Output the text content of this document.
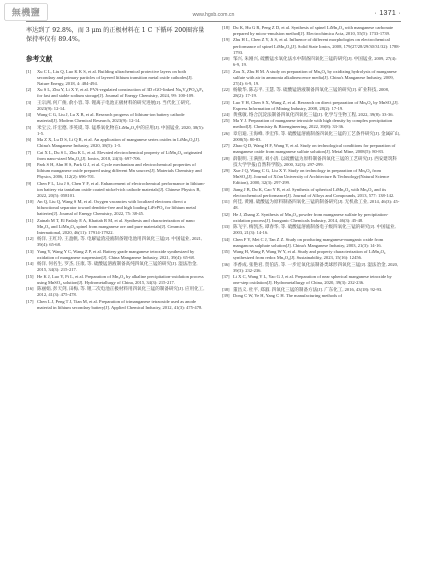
無機鹽	www.hgxb.com.cn	· 1371 ·
率达到了 92.8%，而 3 μm 的正极材料在 1 C 下循环 200圈容量保持率仅有 89.4%。
参考文献
[1] Xu C L, Liu Q, Luo K K S, et al. Building ultrachemical protective layers on both secondary and primary particles of layered lithium transition metal oxide cathodes[J]. Nature Energy, 2018, 4: 484-494.
[2] Xu S L, Zhu Y, Li X Y, et al. PVA-regulated construction of 3D rGO-linked Na₃V₂(PO₄)₂F₃ for fast and stable sodium storage[J]. Journal of Energy Chemistry, 2024, 99: 100-109.
[3] 王宗洲, 何广俊, 俞小容, 等. 锂离子电池正极材料的研究进展[J]. 当代化工研究, 2023(9): 12-14.
[4] Wang C G, Liu J, Lu X B, et al. Research progress of lithium-ion battery cathode material[J]. Modern Chemical Research, 2023(9): 12-14.
[5] 米宝云, 许宏德, 李英谟, 等. 锰系氧化物在LiMn₂O₄中的应用[J]. 中国锰业, 2020, 38(5): 1-5.
[6] Ma Z X, Lu D S, Li Q R, et al. An application of manganese series oxides in LiMn₂O₄[J]. China's Manganese Industry, 2020, 38(5): 1-5.
[7] Cai X L, Du S L, Zhu K L, et al. Elevated electrochemical property of LiMn₂O₄ originated from nano-sized Mn₃O₄[J]. Ionics, 2018, 24(3): 697-706.
[8] Park S H, Ahn H S, Park G J, et al. Cycle mechanism and electrochemical properties of lithium manganese oxide prepared using different Mn sources[J]. Materials Chemistry and Physics, 2006, 112(2): 696-701.
[9] Chen F L, Liu J S, Chen Y F, et al. Enhancement of electrochemical performance in lithium-ion battery via tantalum oxide coated nickel-rich cathode materials[J]. Chinese Physics B, 2022, 20(5): 058101.
[10] An Q, Liu Q, Wang S M, et al. Oxygen vacancies with localized electrons direct a bifunctional separator toward dendrite-free and high loading LiFePO₄ for lithium metal batteries[J]. Journal of Energy Chemistry, 2022, 75: 38-45.
[11] Zainab M T, El Fadaly E A, Khattab R M, et al. Synthesis and characterization of nano Mn₂O₃ and LiMn₂O₄ spinel from manganese ore and pure materials[J]. Ceramics International, 2020, 46(11): 17914-17922.
[12] 杨洋, 王红玲, 王盈帆, 等. 电解锰渣浸液制备锂电池用四氧化三锰[J]. 中国锰业, 2021, 39(4): 65-68.
[13] Yang Y, Wang Y C, Wang Z P, et al. Battery grade manganese tetroxide synthesized by oxidation of manganese suspension[J]. China Manganese Industry, 2021, 39(4): 65-68.
[14] 杨洋, 何名生, 罗杰, 汪康, 等. 硫酸锰溶液制备高纯四氧化三锰的研究[J]. 湿法冶金, 2015, 34(3): 215-217.
[15] He K J, Luo Y, Pi L, et al. Preparation of Mn₃O₄ by alkaline precipitation-oxidation process using MnSO₄ solution[J]. Hydrometallurgy of China, 2015, 34(3): 215-217.
[16] 陈丽娟, 彭天剑, 田梅, 等. 锂二次电池正极材料用四氧化三锰的制备研究[J]. 应用化工, 2012, 41(3): 475-478.
[17] Chen L J, Peng T J, Tian M, et al. Preparation of trimanganese tetraoxide used as anode material in lithium secondary battery[J]. Applied Chemical Industry, 2012, 41(3): 475-478.
[18] Du K, Hu G R, Peng Z D, et al. Synthesis of spinel LiMn₂O₄ with manganese carbonate prepared by micro-emulsion method[J]. Electrochimica Acta, 2010, 55(5): 1733-1739.
[19] Zhu H L, Chen Z Y, Ji S, et al. Influence of different morphologies on electrochemical performance of spinel LiMn₂O₄[J]. Solid State Ionics, 2008, 179(27/28/29/30/31/32): 1788-1793.
[20] 邹兴, 朱刚兴, 硫酸锰水氧化法水中制备四氧化三锰的研究[J]. 中国锰业, 2009, 27(4): 6-9, 19.
[21] Zou X, Zhu H M. A study on preparation of Mn₃O₄ by oxidizing hydrolysis of manganese sulfate with air in ammonia alkalinescence media[J]. China's Manganese Industry, 2009, 27(4): 6-9, 19.
[22] 杨敏华, 陈志平, 王慧, 等. 硫酸锰溶液制备四氧化三锰的研究[J]. 矿业科技, 2008, 28(2): 17-19.
[23] Luo Y H, Chen S X, Wang Z, et al. Research on direct preparation of Mn₃O₄ by MnSO₄[J]. Express Information of Mining Industry, 2008, 28(2): 17-19.
[24] 黄燕敏, 络合沉淀法制备四氧化四氧化三锰[J]. 化学与生物工程, 2022, 39(8): 33-36.
[25] Ma Y J. Preparation of manganese tetroxide with high density by complex precipitation method[J]. Chemistry & Bioengineering, 2022, 39(8): 33-36.
[26] 章启迪, 王海峰, 李宏伟, 等. 硫酸锰溶液制备四氧化三锰的工艺条件研究[J]. 金属矿山, 2008(5): 80-83.
[27] Zhao Q D, Wang H F, Wang Y, et al. Study on technological conditions for preparation of manganese oxide from manganese sulfate solution[J]. Metal Mine, 2008(5): 80-83.
[28] 薛银明, 王满照, 刘小清. 以硫酸锰为原料制备四氧化三锰的工艺研究[J]. 西安建筑科技大学学报(自然科学版), 2000, 32(3): 297-299.
[29] Xue J Q, Wang C G, Liu X Y. Study on technology in preparation of Mn₃O₄ from MnSO₄[J]. Journal of Xi'an University of Architecture & Technology(Natural Science Edition), 2000, 32(3): 297-299.
[30] Jiang J B, Du K, Cao Y B, et al. Synthesis of spherical LiMn₂O₄ with Mn₃O₄ and its electrochemical performance[J]. Journal of Alloys and Compounds, 2013, 577: 138-142.
[31] 何佳, 黄刚, 硫酸锰为原料制备四氧化三锰的制备研究[J]. 无机盐工业, 2014, 46(3): 45-48.
[32] He J, Zhang Z. Synthesis of Mn₃O₄ powder from manganese sulfate by precipitation-oxidation process[J]. Inorganic Chemicals Industry, 2014, 46(3): 45-48.
[33] 陈飞宇, 梅凯杰, 谭春华, 等. 硫酸锰溶液制备电子级四氧化三锰的研究[J]. 中国锰业, 2003, 21(3): 14-16.
[34] Chen F Y, Mei C J, Tan Z Z. Study on producing manganese-manganic oxide from manganous sulphate solution[J]. China's Manganese Industry, 2003, 21(3): 14-16.
[35] Wang H, Wang P, Wang W Y, et al. Study and property characterization of LiMn₂O₄ synthesized from redox Mn₃O₄[J]. Sustainability, 2023, 15(16): 12456.
[36] 李香成, 张艳君, 贺伯洁, 等. 一步近氧化法制备类球形四氧化三锰[J]. 湿法冶金, 2020, 39(3): 232-236.
[37] Li X C, Wang Y L, Yao G J, et al. Preparation of near spherical manganese tetroxide by one-step oxidation[J]. Hydrometallurgy of China, 2020, 39(3): 232-236.
[38] 董昌义. 杜平, 郑淑. 四氧化三锰的制备方法[J]. 广东化工, 2016, 43(18): 92-93.
[39] Dong C W, Ye H, Yang C H. The manufacturing methods of
